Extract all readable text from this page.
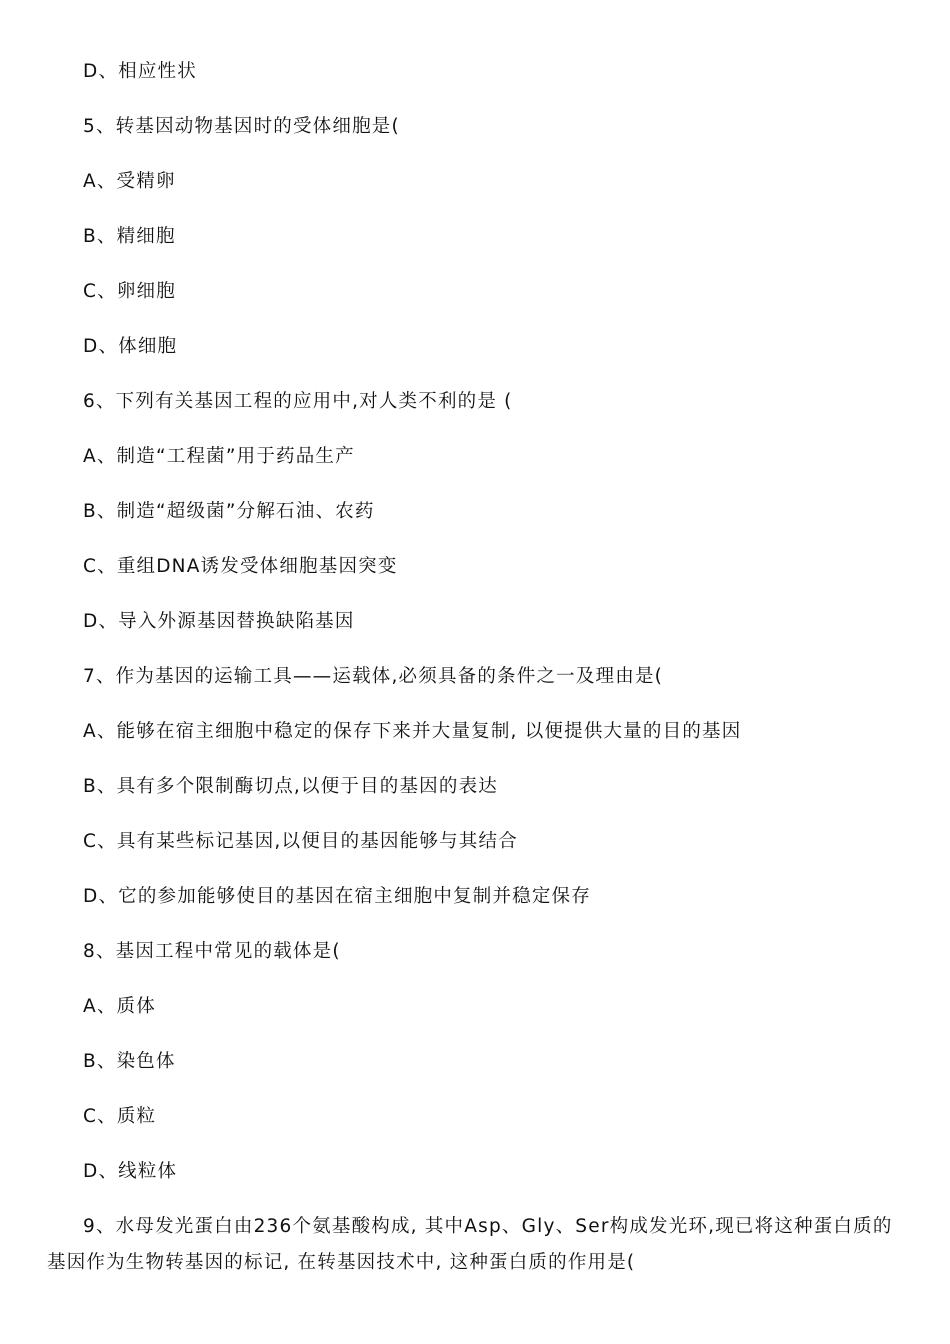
D、相应性状
5、转基因动物基因时的受体细胞是(
A、受精卵
B、精细胞
C、卵细胞
D、体细胞
6、下列有关基因工程的应用中,对人类不利的是 (
A、制造“工程菌”用于药品生产
B、制造“超级菌”分解石油、农药
C、重组DNA诱发受体细胞基因突变
D、导入外源基因替换缺陷基因
7、作为基因的运输工具——运载体,必须具备的条件之一及理由是(
A、能够在宿主细胞中稳定的保存下来并大量复制, 以便提供大量的目的基因
B、具有多个限制酶切点,以便于目的基因的表达
C、具有某些标记基因,以便目的基因能够与其结合
D、它的参加能够使目的基因在宿主细胞中复制并稳定保存
8、基因工程中常见的载体是(
A、质体
B、染色体
C、质粒
D、线粒体
9、水母发光蛋白由236个氨基酸构成, 其中Asp、Gly、Ser构成发光环,现已将这种蛋白质的基因作为生物转基因的标记, 在转基因技术中, 这种蛋白质的作用是(
